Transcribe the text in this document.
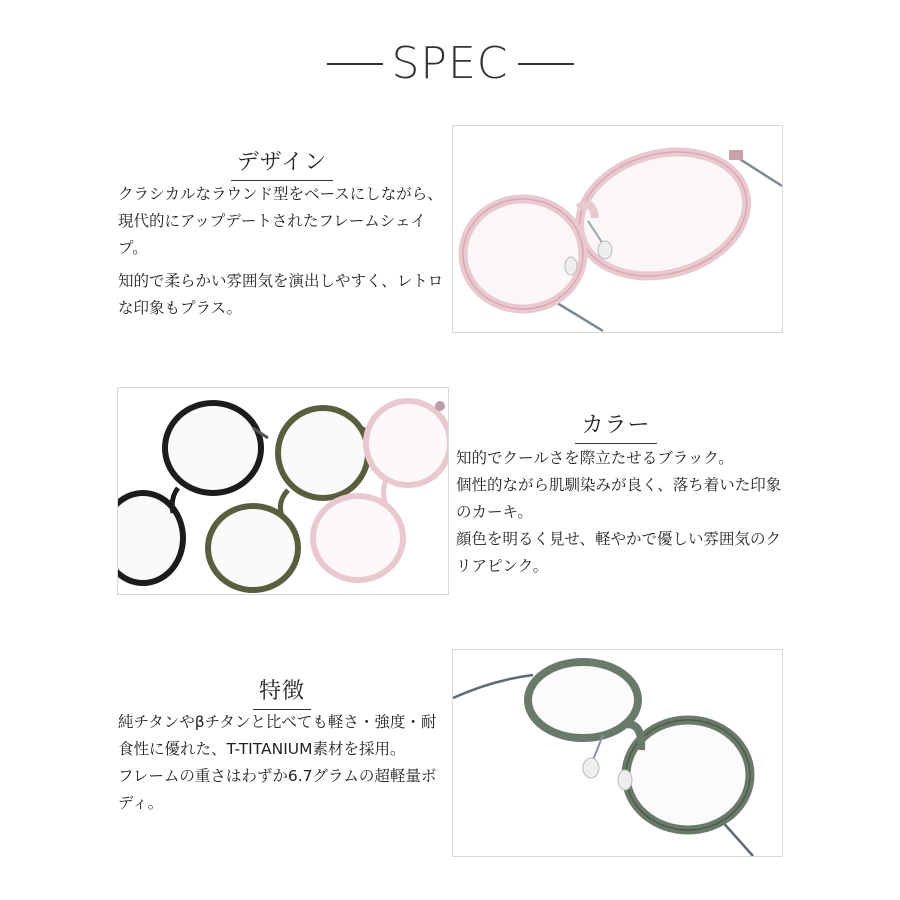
SPEC
デザイン

クラシカルなラウンド型をベースにしながら、現代的にアップデートされたフレームシェイプ。

知的で柔らかい雰囲気を演出しやすく、レトロな印象もプラス。

カラー

知的でクールさを際立たせるブラック。

個性的ながら肌馴染みが良く、落ち着いた印象のカーキ。

顔色を明るく見せ、軽やかで優しい雰囲気のクリアピンク。

特徴

純チタンやβチタンと比べても軽さ・強度・耐食性に優れた、T-TITANIUM素材を採用。

フレームの重さはわずか6.7グラムの超軽量ボディ。
